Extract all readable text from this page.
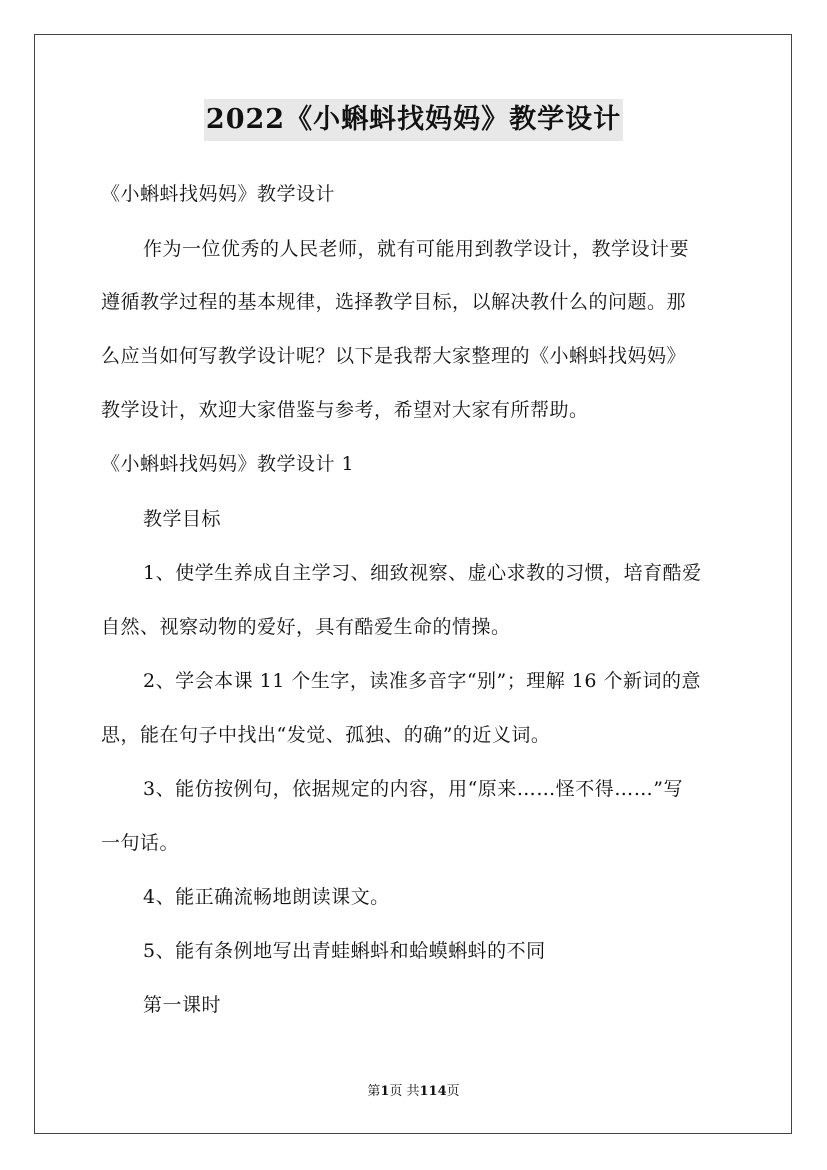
2022《小蝌蚪找妈妈》教学设计
《小蝌蚪找妈妈》教学设计
作为一位优秀的人民老师，就有可能用到教学设计，教学设计要
遵循教学过程的基本规律，选择教学目标，以解决教什么的问题。那
么应当如何写教学设计呢？以下是我帮大家整理的《小蝌蚪找妈妈》
教学设计，欢迎大家借鉴与参考，希望对大家有所帮助。
《小蝌蚪找妈妈》教学设计 1
教学目标
1、使学生养成自主学习、细致视察、虚心求教的习惯，培育酷爱
自然、视察动物的爱好，具有酷爱生命的情操。
2、学会本课 11 个生字，读准多音字“别”；理解 16 个新词的意
思，能在句子中找出“发觉、孤独、的确”的近义词。
3、能仿按例句，依据规定的内容，用“原来……怪不得……”写
一句话。
4、能正确流畅地朗读课文。
5、能有条例地写出青蛙蝌蚪和蛤蟆蝌蚪的不同
第一课时
第1页 共114页
